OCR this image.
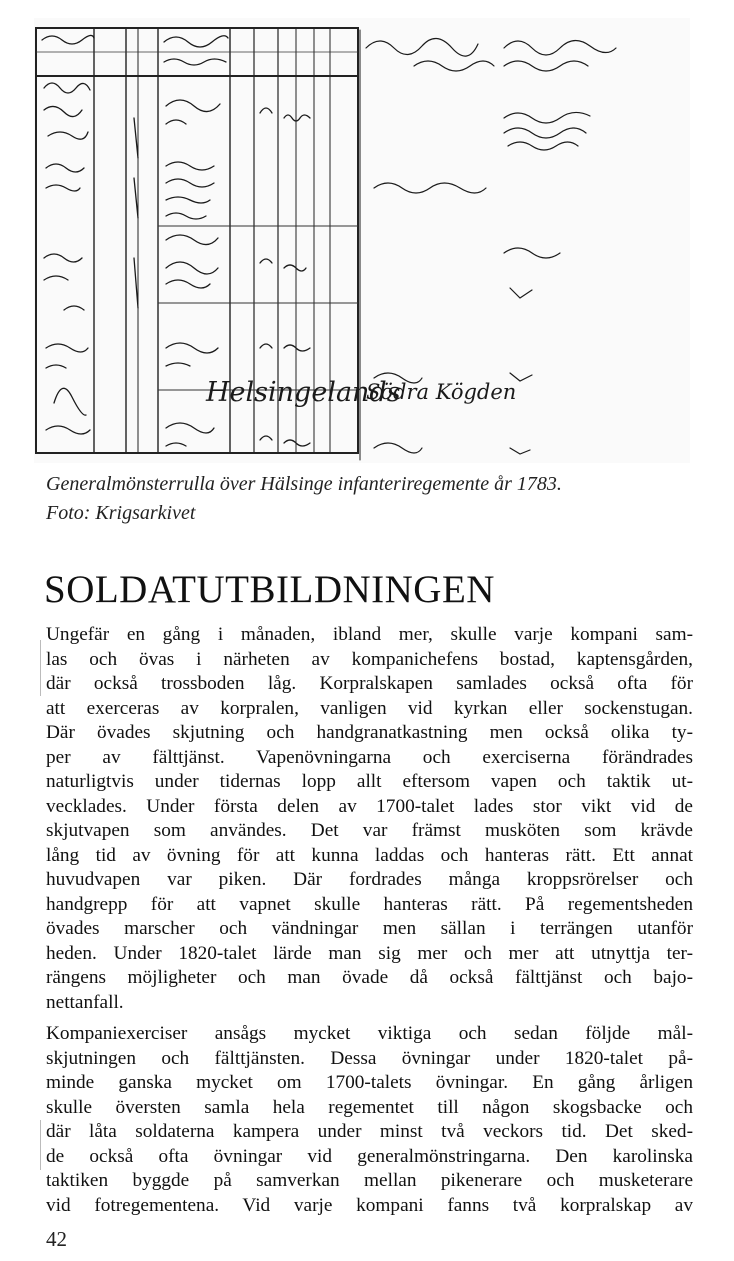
Helsingelands
Södra Kögden
Generalmönsterrulla över Hälsinge infanteriregemente år 1783.
Foto: Krigsarkivet
SOLDATUTBILDNINGEN

Ungefär en gång i månaden, ibland mer, skulle varje kompani sam-
las och övas i närheten av kompanichefens bostad, kaptensgården,
där också trossboden låg. Korpralskapen samlades också ofta för
att exerceras av korpralen, vanligen vid kyrkan eller sockenstugan.
Där övades skjutning och handgranatkastning men också olika ty-
per av fälttjänst. Vapenövningarna och exerciserna förändrades
naturligtvis under tidernas lopp allt eftersom vapen och taktik ut-
vecklades. Under första delen av 1700-talet lades stor vikt vid de
skjutvapen som användes. Det var främst musköten som krävde
lång tid av övning för att kunna laddas och hanteras rätt. Ett annat
huvudvapen var piken. Där fordrades många kroppsrörelser och
handgrepp för att vapnet skulle hanteras rätt. På regementsheden
övades marscher och vändningar men sällan i terrängen utanför
heden. Under 1820-talet lärde man sig mer och mer att utnyttja ter-
rängens möjligheter och man övade då också fälttjänst och bajo-
nettanfall.

Kompaniexerciser ansågs mycket viktiga och sedan följde mål-
skjutningen och fälttjänsten. Dessa övningar under 1820-talet på-
minde ganska mycket om 1700-talets övningar. En gång årligen
skulle översten samla hela regementet till någon skogsbacke och
där låta soldaterna kampera under minst två veckors tid. Det sked-
de också ofta övningar vid generalmönstringarna. Den karolinska
taktiken byggde på samverkan mellan pikenerare och musketerare
vid fotregementena. Vid varje kompani fanns två korpralskap av

42
